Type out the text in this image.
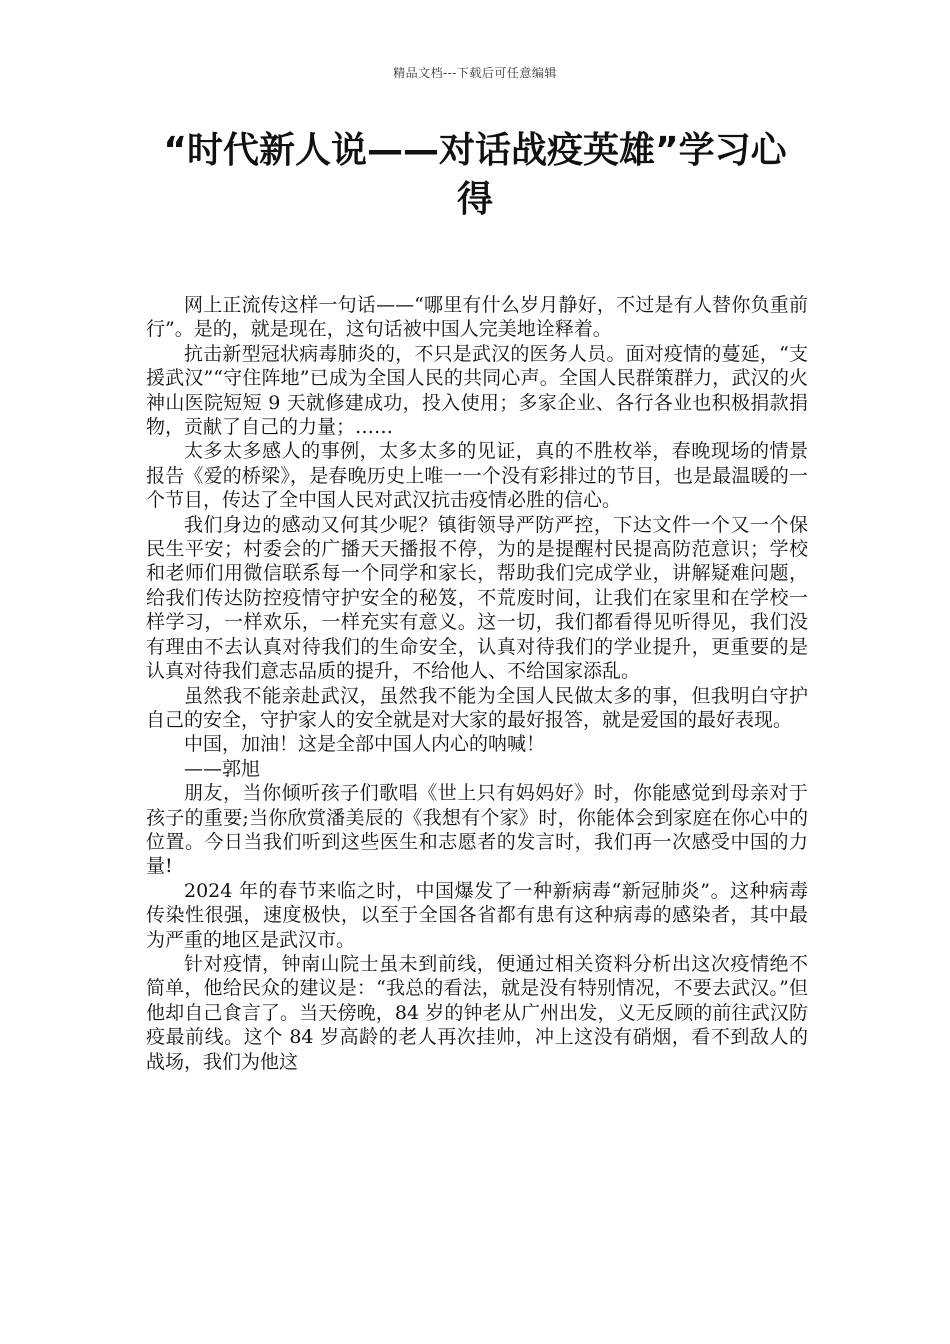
精品文档---下载后可任意编辑
“时代新人说——对话战疫英雄”学习心得

网上正流传这样一句话——“哪里有什么岁月静好，不过是有人替你负重前行”。是的，就是现在，这句话被中国人完美地诠释着。

抗击新型冠状病毒肺炎的，不只是武汉的医务人员。面对疫情的蔓延，“支援武汉”“守住阵地”已成为全国人民的共同心声。全国人民群策群力，武汉的火神山医院短短 9 天就修建成功，投入使用；多家企业、各行各业也积极捐款捐物，贡献了自己的力量；……

太多太多感人的事例，太多太多的见证，真的不胜枚举，春晚现场的情景报告《爱的桥梁》，是春晚历史上唯一一个没有彩排过的节目，也是最温暖的一个节目，传达了全中国人民对武汉抗击疫情必胜的信心。

我们身边的感动又何其少呢？镇街领导严防严控，下达文件一个又一个保民生平安；村委会的广播天天播报不停，为的是提醒村民提高防范意识；学校和老师们用微信联系每一个同学和家长，帮助我们完成学业，讲解疑难问题，给我们传达防控疫情守护安全的秘笈，不荒废时间，让我们在家里和在学校一样学习，一样欢乐，一样充实有意义。这一切，我们都看得见听得见，我们没有理由不去认真对待我们的生命安全，认真对待我们的学业提升，更重要的是认真对待我们意志品质的提升，不给他人、不给国家添乱。

虽然我不能亲赴武汉，虽然我不能为全国人民做太多的事，但我明白守护自己的安全，守护家人的安全就是对大家的最好报答，就是爱国的最好表现。

中国，加油！这是全部中国人内心的呐喊！

——郭旭

朋友，当你倾听孩子们歌唱《世上只有妈妈好》时，你能感觉到母亲对于孩子的重要;当你欣赏潘美辰的《我想有个家》时，你能体会到家庭在你心中的位置。今日当我们听到这些医生和志愿者的发言时，我们再一次感受中国的力量!

2024 年的春节来临之时，中国爆发了一种新病毒“新冠肺炎”。这种病毒传染性很强，速度极快，以至于全国各省都有患有这种病毒的感染者，其中最为严重的地区是武汉市。

针对疫情，钟南山院士虽未到前线，便通过相关资料分析出这次疫情绝不简单，他给民众的建议是：“我总的看法，就是没有特别情况，不要去武汉。”但他却自己食言了。当天傍晚，84 岁的钟老从广州出发，义无反顾的前往武汉防疫最前线。这个 84 岁高龄的老人再次挂帅，冲上这没有硝烟，看不到敌人的战场，我们为他这
